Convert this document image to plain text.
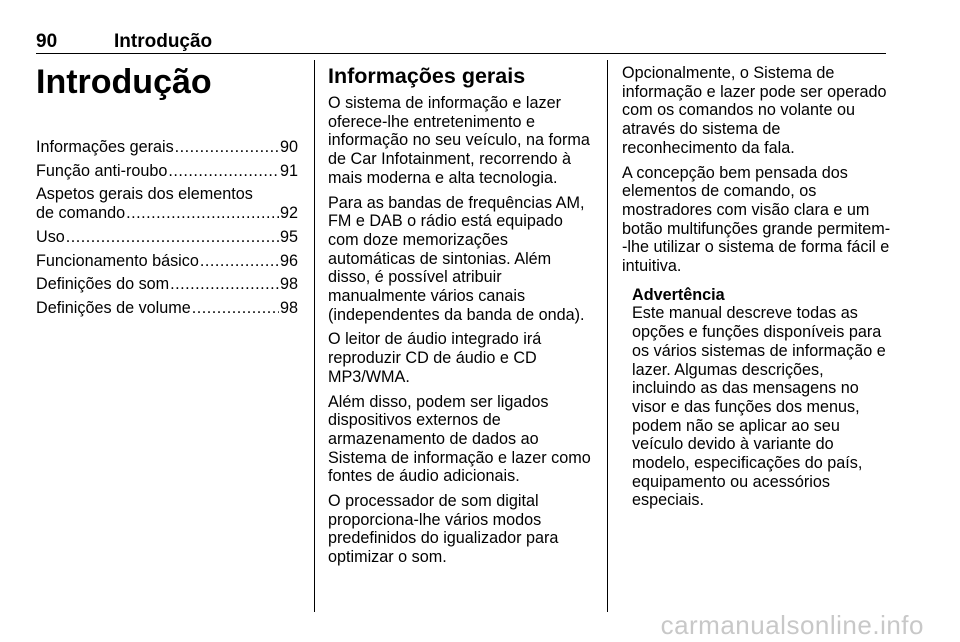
90	Introdução
Introdução
Informações gerais .....	90
Função anti-roubo .....	91
Aspetos gerais dos elementos
de comando .....	92
Uso .....	95
Funcionamento básico .....	96
Definições do som .....	98
Definições de volume .....	98
Informações gerais

O sistema de informação e lazer oferece-lhe entretenimento e informação no seu veículo, na forma de Car Infotainment, recorrendo à mais moderna e alta tecnologia.

Para as bandas de frequências AM, FM e DAB o rádio está equipado com doze memorizações automáticas de sintonias. Além disso, é possível atribuir manualmente vários canais (independentes da banda de onda).

O leitor de áudio integrado irá reproduzir CD de áudio e CD MP3/WMA.

Além disso, podem ser ligados dispositivos externos de armazenamento de dados ao Sistema de informação e lazer como fontes de áudio adicionais.

O processador de som digital proporciona-lhe vários modos predefinidos do igualizador para optimizar o som.

Opcionalmente, o Sistema de informação e lazer pode ser operado com os comandos no volante ou através do sistema de reconhecimento da fala.

A concepção bem pensada dos elementos de comando, os mostradores com visão clara e um botão multifunções grande permitem--lhe utilizar o sistema de forma fácil e intuitiva.

Advertência
Este manual descreve todas as opções e funções disponíveis para os vários sistemas de informação e lazer. Algumas descrições, incluindo as das mensagens no visor e das funções dos menus, podem não se aplicar ao seu veículo devido à variante do modelo, especificações do país, equipamento ou acessórios especiais.
carmanualsonline.info
